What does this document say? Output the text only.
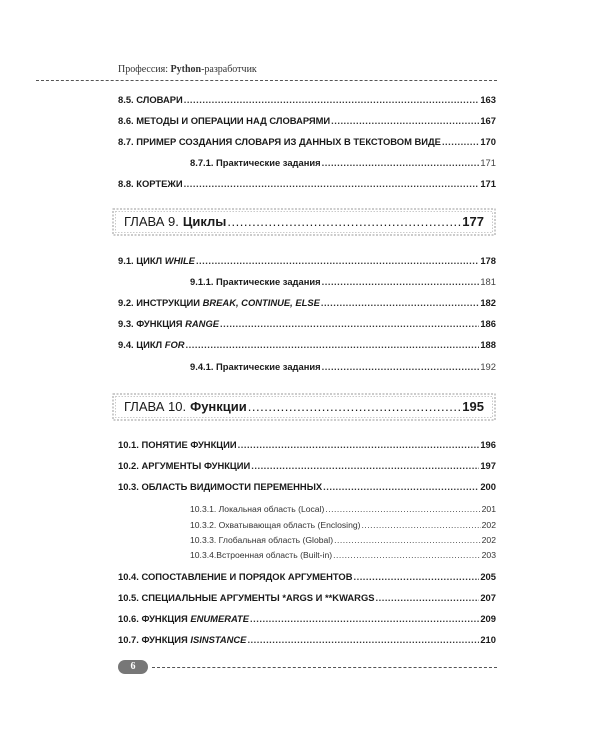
Профессия: Python-разработчик
8.5. СЛОВАРИ .....	163
8.6. МЕТОДЫ И ОПЕРАЦИИ НАД СЛОВАРЯМИ .....	167
8.7. ПРИМЕР СОЗДАНИЯ СЛОВАРЯ ИЗ ДАННЫХ В ТЕКСТОВОМ ВИДЕ .....	170
8.7.1. Практические задания .....	171
8.8. КОРТЕЖИ .....	171
ГЛАВА 9. Циклы .....	177
9.1. ЦИКЛ WHILE .....	178
9.1.1. Практические задания .....	181
9.2. ИНСТРУКЦИИ BREAK, CONTINUE, ELSE .....	182
9.3. ФУНКЦИЯ RANGE .....	186
9.4. ЦИКЛ FOR .....	188
9.4.1. Практические задания .....	192
ГЛАВА 10. Функции .....	195
10.1. ПОНЯТИЕ ФУНКЦИИ .....	196
10.2. АРГУМЕНТЫ ФУНКЦИИ .....	197
10.3. ОБЛАСТЬ ВИДИМОСТИ ПЕРЕМЕННЫХ .....	200
10.3.1. Локальная область (Local) .....	201
10.3.2. Охватывающая область (Enclosing) .....	202
10.3.3. Глобальная область (Global) .....	202
10.3.4.Встроенная область (Built-in) .....	203
10.4. СОПОСТАВЛЕНИЕ И ПОРЯДОК АРГУМЕНТОВ .....	205
10.5. СПЕЦИАЛЬНЫЕ АРГУМЕНТЫ *ARGS И **KWARGS .....	207
10.6. ФУНКЦИЯ ENUMERATE .....	209
10.7. ФУНКЦИЯ ISINSTANCE .....	210
6
